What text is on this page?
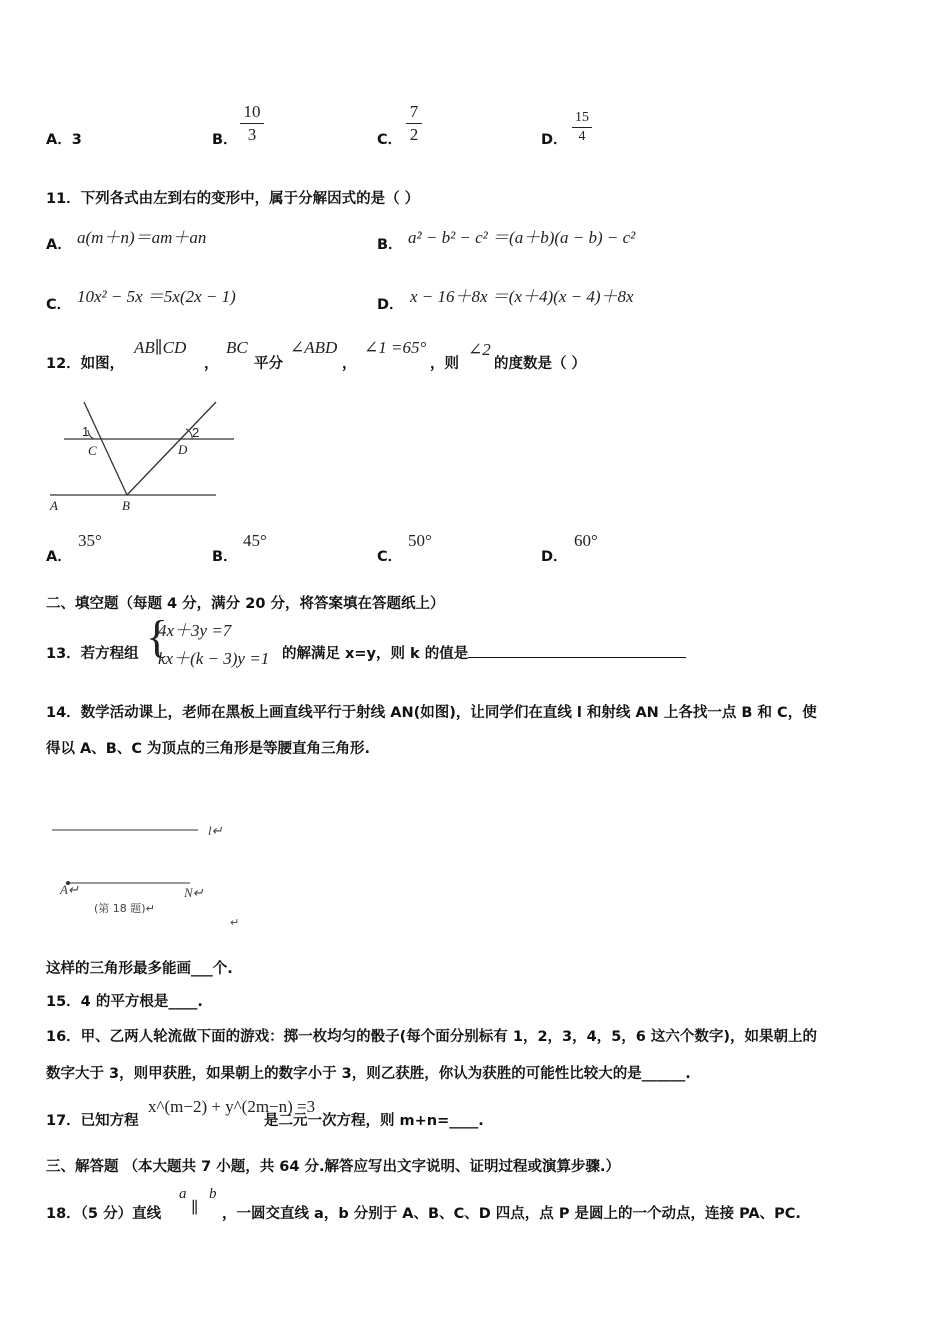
A．3	B．
10
3	C．
7
2	D．
15
4
11．下列各式由左到右的变形中，属于分解因式的是（ ）
A． a(m＋n)＝am＋an	B． a² − b² − c² ＝(a＋b)(a − b) − c²
C． 10x² − 5x ＝5x(2x − 1)	D． x − 16＋8x ＝(x＋4)(x − 4)＋8x
12．如图，
AB∥CD
，
BC
平分
∠ABD
，
∠1 =65°
，则
∠2
的度数是（ ）
1	2
C	D
A	B
A．
35°
B．
45°
C．
50°
D．
60°
二、填空题（每题 4 分，满分 20 分，将答案填在答题纸上）
13．若方程组 {
4x＋3y =7
kx＋(k − 3)y =1 的解满足 x=y，则 k 的值是
14．数学活动课上，老师在黑板上画直线平行于射线 AN(如图)，让同学们在直线 l 和射线 AN 上各找一点 B 和 C，使
得以 A、B、C 为顶点的三角形是等腰直角三角形.
l↵
A↵	N↵
(第 18 题)↵
↵
这样的三角形最多能画___个.
15．4 的平方根是____.
16．甲、乙两人轮流做下面的游戏：掷一枚均匀的骰子(每个面分别标有 1，2，3，4，5，6 这六个数字)，如果朝上的
数字大于 3，则甲获胜，如果朝上的数字小于 3，则乙获胜，你认为获胜的可能性比较大的是______.
17．已知方程
x^(m−2) + y^(2m−n) =3
是二元一次方程，则 m+n=____.
三、解答题 （本大题共 7 小题，共 64 分.解答应写出文字说明、证明过程或演算步骤.）
18．（5 分）直线
a
∥
b
，一圆交直线 a，b 分别于 A、B、C、D 四点，点 P 是圆上的一个动点，连接 PA、PC.
